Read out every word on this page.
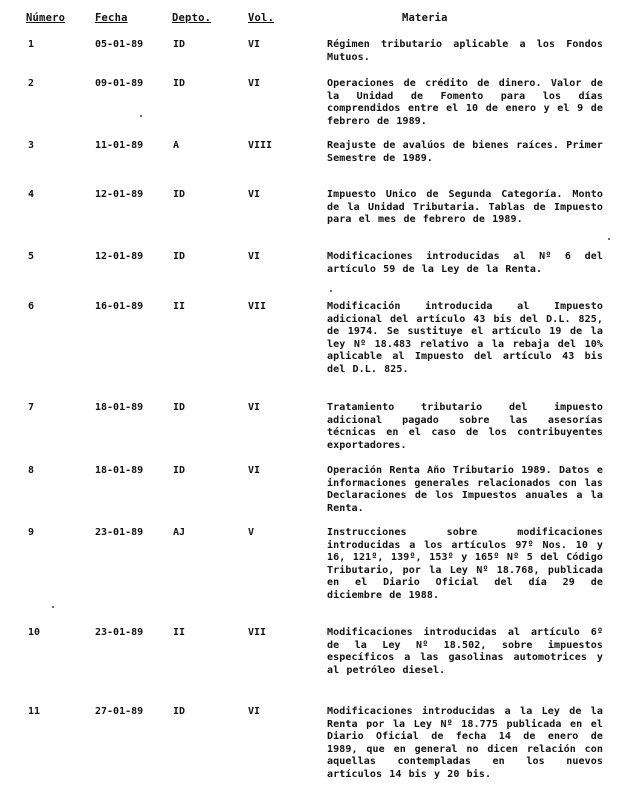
Número	Fecha	Depto.	Vol.	Materia
1	05-01-89	ID	VI	Régimen tributario aplicable a los Fondos Mutuos.
2	09-01-89	ID	VI	Operaciones de crédito de dinero. Valor de la Unidad de Fomento para los días comprendidos entre el 10 de enero y el 9 de febrero de 1989.
3	11-01-89	A	VIII	Reajuste de avalúos de bienes raíces. Primer Semestre de 1989.
4	12-01-89	ID	VI	Impuesto Unico de Segunda Categoría. Monto de la Unidad Tributaria. Tablas de Impuesto para el mes de febrero de 1989.
5	12-01-89	ID	VI	Modificaciones introducidas al Nº 6 del artículo 59 de la Ley de la Renta.
6	16-01-89	II	VII	Modificación introducida al Impuesto adicional del artículo 43 bis del D.L. 825, de 1974. Se sustituye el artículo 19 de la ley Nº 18.483 relativo a la rebaja del 10% aplicable al Impuesto del artículo 43 bis del D.L. 825.
7	18-01-89	ID	VI	Tratamiento tributario del impuesto adicional pagado sobre las asesorías técnicas en el caso de los contribuyentes exportadores.
8	18-01-89	ID	VI	Operación Renta Año Tributario 1989. Datos e informaciones generales relacionados con las Declaraciones de los Impuestos anuales a la Renta.
9	23-01-89	AJ	V	Instrucciones sobre modificaciones introducidas a los artículos 97º Nos. 10 y 16, 121º, 139º, 153º y 165º Nº 5 del Código Tributario, por la Ley Nº 18.768, publicada en el Diario Oficial del día 29 de diciembre de 1988.
10	23-01-89	II	VII	Modificaciones introducidas al artículo 6º de la Ley Nº 18.502, sobre impuestos específicos a las gasolinas automotrices y al petróleo diesel.
11	27-01-89	ID	VI	Modificaciones introducidas a la Ley de la Renta por la Ley Nº 18.775 publicada en el Diario Oficial de fecha 14 de enero de 1989, que en general no dicen relación con aquellas contempladas en los nuevos artículos 14 bis y 20 bis.
